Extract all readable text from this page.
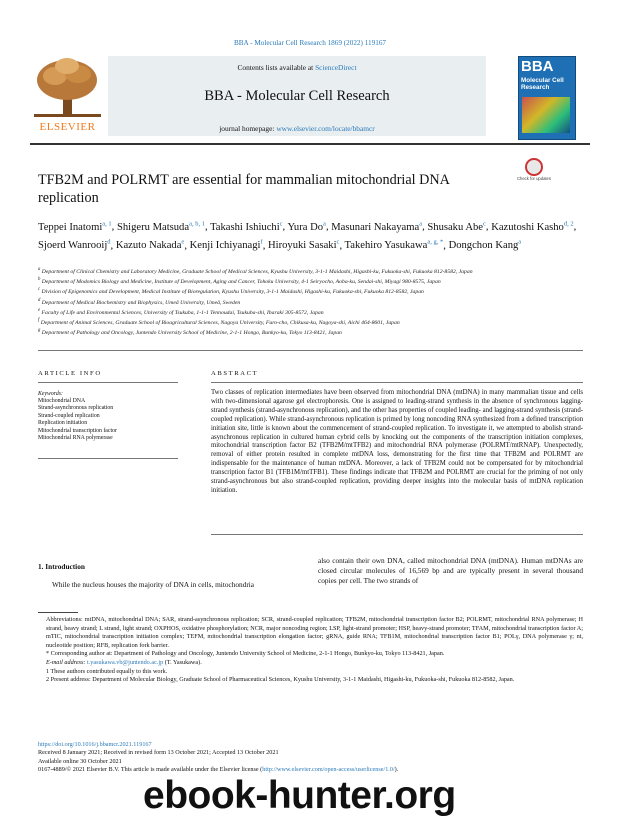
BBA - Molecular Cell Research 1869 (2022) 119167
ELSEVIER
Contents lists available at ScienceDirect
BBA - Molecular Cell Research
journal homepage: www.elsevier.com/locate/bbamcr
BBA
Molecular Cell Research
TFB2M and POLRMT are essential for mammalian mitochondrial DNA replication
Check for updates
Teppei Inatomi$^{a, 1}$, Shigeru Matsuda$^{a, b, 1}$, Takashi Ishiuchi$^c$, Yura Do$^a$, Masunari Nakayama$^a$, Shusaku Abe$^c$, Kazutoshi Kasho$^{d, 2}$, Sjoerd Wanrooij$^d$, Kazuto Nakada$^e$, Kenji Ichiyanagi$^f$, Hiroyuki Sasaki$^c$, Takehiro Yasukawa$^{a, g, *}$, Dongchon Kang$^a$
$^a$ Department of Clinical Chemistry and Laboratory Medicine, Graduate School of Medical Sciences, Kyushu University, 3-1-1 Maidashi, Higashi-ku, Fukuoka-shi, Fukuoka 812-8582, Japan
$^b$ Department of Modomics Biology and Medicine, Institute of Development, Aging and Cancer, Tohoku University, 4-1 Seiryocho, Aoba-ku, Sendai-shi, Miyagi 980-8575, Japan
$^c$ Division of Epigenomics and Development, Medical Institute of Bioregulation, Kyushu University, 3-1-1 Maidashi, Higashi-ku, Fukuoka-shi, Fukuoka 812-8582, Japan
$^d$ Department of Medical Biochemistry and Biophysics, Umeå University, Umeå, Sweden
$^e$ Faculty of Life and Environmental Sciences, University of Tsukuba, 1-1-1 Tennoudai, Tsukuba-shi, Ibaraki 305-8572, Japan
$^f$ Department of Animal Sciences, Graduate School of Bioagricultural Sciences, Nagoya University, Furo-cho, Chikusa-ku, Nagoya-shi, Aichi 464-8601, Japan
$^g$ Department of Pathology and Oncology, Juntendo University School of Medicine, 2-1-1 Hongo, Bunkyo-ku, Tokyo 113-8421, Japan
ARTICLE INFO
Keywords:
Mitochondrial DNA
Strand-asynchronous replication
Strand-coupled replication
Replication initiation
Mitochondrial transcription factor
Mitochondrial RNA polymerase
ABSTRACT
Two classes of replication intermediates have been observed from mitochondrial DNA (mtDNA) in many mammalian tissue and cells with two-dimensional agarose gel electrophoresis. One is assigned to leading-strand synthesis in the absence of synchronous lagging-strand synthesis (strand-asynchronous replication), and the other has properties of coupled leading- and lagging-strand synthesis (strand-coupled replication). While strand-asynchronous replication is primed by long noncoding RNA synthesized from a defined transcription initiation site, little is known about the commencement of strand-coupled replication. To investigate it, we attempted to abolish strand-asynchronous replication in cultured human cybrid cells by knocking out the components of the transcription initiation complexes, mitochondrial transcription factor B2 (TFB2M/mtTFB2) and mitochondrial RNA polymerase (POLRMT/mtRNAP). Unexpectedly, removal of either protein resulted in complete mtDNA loss, demonstrating for the first time that TFB2M and POLRMT are indispensable for the maintenance of human mtDNA. Moreover, a lack of TFB2M could not be compensated for by mitochondrial transcription factor B1 (TFB1M/mtTFB1). These findings indicate that TFB2M and POLRMT are crucial for the priming of not only strand-asynchronous but also strand-coupled replication, providing deeper insights into the molecular basis of mtDNA replication initiation.
1. Introduction
While the nucleus houses the majority of DNA in cells, mitochondria
also contain their own DNA, called mitochondrial DNA (mtDNA). Human mtDNAs are closed circular molecules of 16,569 bp and are typically present in several thousand copies per cell. The two strands of

Abbreviations: mtDNA, mitochondrial DNA; SAR, strand-asynchronous replication; SCR, strand-coupled replication; TFB2M, mitochondrial transcription factor B2; POLRMT, mitochondrial RNA polymerase; H strand, heavy strand; L strand, light strand; OXPHOS, oxidative phosphorylation; NCR, major noncoding region; LSP, light-strand promoter; HSP, heavy-strand promoter; TFAM, mitochondrial transcription factor A; mTIC, mitochondrial transcription initiation complex; TEFM, mitochondrial transcription elongation factor; gRNA, guide RNA; TFB1M, mitochondrial transcription factor B1; POLγ, DNA polymerase γ; nt, nucleotide position; RFB, replication fork barrier.

* Corresponding author at: Department of Pathology and Oncology, Juntendo University School of Medicine, 2-1-1 Hongo, Bunkyo-ku, Tokyo 113-8421, Japan.

E-mail address: t.yasukawa.vb@juntendo.ac.jp (T. Yasukawa).

1 These authors contributed equally to this work.

2 Present address: Department of Molecular Biology, Graduate School of Pharmaceutical Sciences, Kyushu University, 3-1-1 Maidashi, Higashi-ku, Fukuoka-shi, Fukuoka 812-8582, Japan.

https://doi.org/10.1016/j.bbamcr.2021.119167

Received 8 January 2021; Received in revised form 13 October 2021; Accepted 13 October 2021

Available online 30 October 2021

0167-4889/© 2021 Elsevier B.V. This article is made available under the Elsevier license (http://www.elsevier.com/open-access/userlicense/1.0/).

ebook-hunter.org
